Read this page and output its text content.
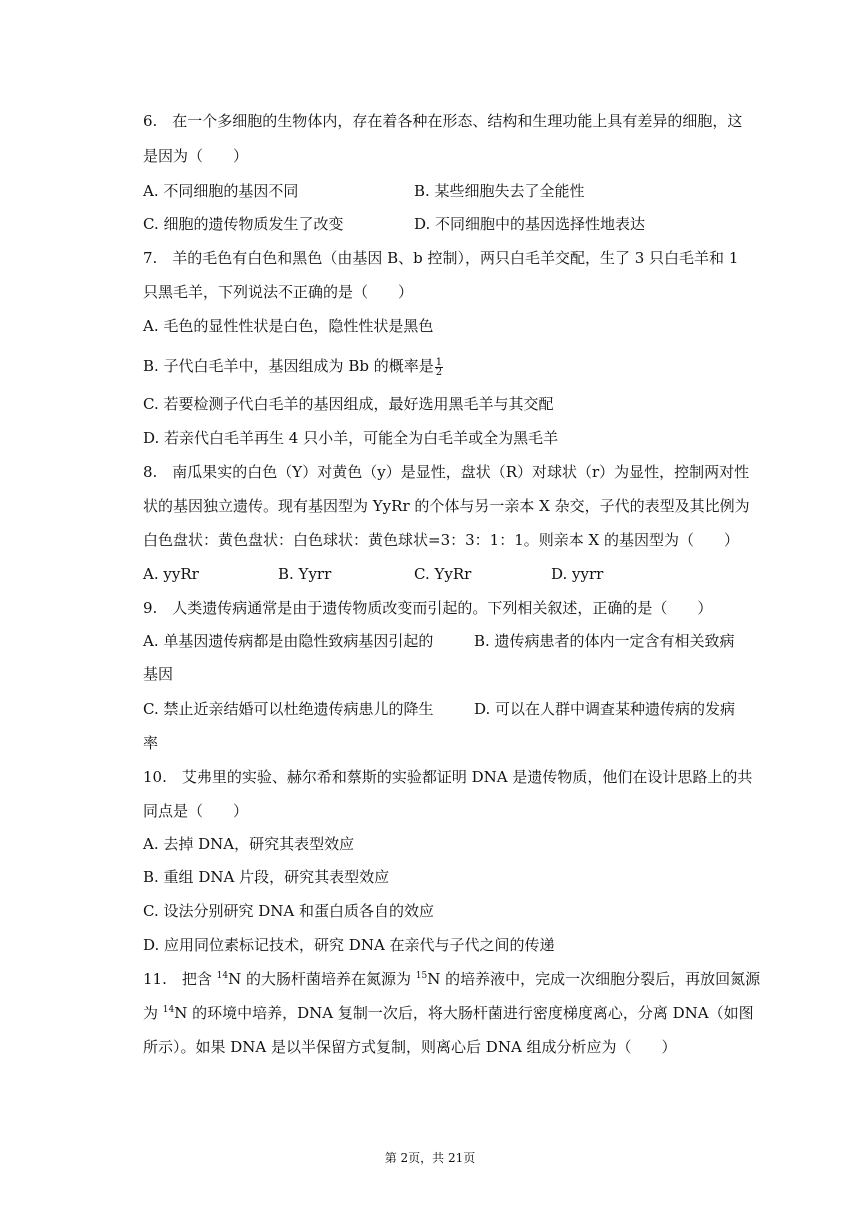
6.　在一个多细胞的生物体内，存在着各种在形态、结构和生理功能上具有差异的细胞，这
是因为（　　）
A. 不同细胞的基因不同	B. 某些细胞失去了全能性
C. 细胞的遗传物质发生了改变	D. 不同细胞中的基因选择性地表达
7.　羊的毛色有白色和黑色（由基因 B、b 控制），两只白毛羊交配，生了 3 只白毛羊和 1
只黑毛羊，下列说法不正确的是（　　）
A. 毛色的显性性状是白色，隐性性状是黑色
B. 子代白毛羊中，基因组成为 Bb 的概率是 $\frac{1}{2}$
C. 若要检测子代白毛羊的基因组成，最好选用黑毛羊与其交配
D. 若亲代白毛羊再生 4 只小羊，可能全为白毛羊或全为黑毛羊
8.　南瓜果实的白色（Y）对黄色（y）是显性，盘状（R）对球状（r）为显性，控制两对性
状的基因独立遗传。现有基因型为 YyRr 的个体与另一亲本 X 杂交，子代的表型及其比例为
白色盘状：黄色盘状：白色球状：黄色球状=3：3：1：1。则亲本 X 的基因型为（　　）
A. yyRr	B. Yyrr	C. YyRr	D. yyrr
9.　人类遗传病通常是由于遗传物质改变而引起的。下列相关叙述，正确的是（　　）
A. 单基因遗传病都是由隐性致病基因引起的	B. 遗传病患者的体内一定含有相关致病
基因
C. 禁止近亲结婚可以杜绝遗传病患儿的降生	D. 可以在人群中调查某种遗传病的发病
率
10.　艾弗里的实验、赫尔希和蔡斯的实验都证明 DNA 是遗传物质，他们在设计思路上的共
同点是（　　）
A. 去掉 DNA，研究其表型效应
B. 重组 DNA 片段，研究其表型效应
C. 设法分别研究 DNA 和蛋白质各自的效应
D. 应用同位素标记技术，研究 DNA 在亲代与子代之间的传递
11.　把含 $^{14}$N 的大肠杆菌培养在氮源为 $^{15}$N 的培养液中，完成一次细胞分裂后，再放回氮源
为 $^{14}$N 的环境中培养，DNA 复制一次后，将大肠杆菌进行密度梯度离心，分离 DNA（如图
所示）。如果 DNA 是以半保留方式复制，则离心后 DNA 组成分析应为（　　）
第 2页，共 21页
